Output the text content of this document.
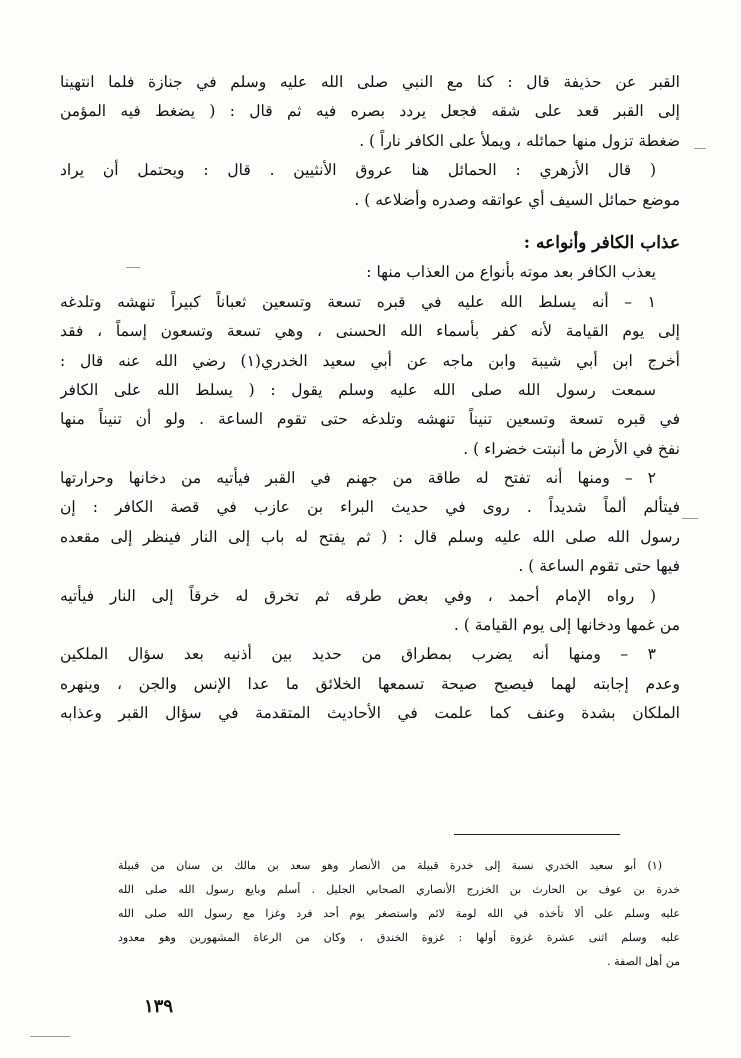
القبر عن حذيفة قال : كنا مع النبي صلى الله عليه وسلم في جنازة فلما انتهينا
إلى القبر قعد على شقه فجعل يردد بصره فيه ثم قال : ( يضغط فيه المؤمن
ضغطة تزول منها حمائله ، ويملأ على الكافر ناراً ) .
( قال الأزهري : الحمائل هنا عروق الأنثيين . قال : ويحتمل أن يراد
موضع حمائل السيف أي عواتقه وصدره وأضلاعه ) .
عذاب الكافر وأنواعه :
يعذب الكافر بعد موته بأنواع من العذاب منها :
١ – أنه يسلط الله عليه في قبره تسعة وتسعين ثعباناً كبيراً تنهشه وتلدغه
إلى يوم القيامة لأنه كفر بأسماء الله الحسنى ، وهي تسعة وتسعون إسماً ، فقد
أخرج ابن أبي شيبة وابن ماجه عن أبي سعيد الخدري(١) رضي الله عنه قال :
سمعت رسول الله صلى الله عليه وسلم يقول : ( يسلط الله على الكافر
في قبره تسعة وتسعين تنيناً تنهشه وتلدغه حتى تقوم الساعة . ولو أن تنيناً منها
نفخ في الأرض ما أنبتت خضراء ) .
٢ – ومنها أنه تفتح له طاقة من جهنم في القبر فيأتيه من دخانها وحرارتها
فيتألم ألماً شديداً . روى في حديث البراء بن عازب في قصة الكافر : إن
رسول الله صلى الله عليه وسلم قال : ( ثم يفتح له باب إلى النار فينظر إلى مقعده
فيها حتى تقوم الساعة ) .
( رواه الإمام أحمد ، وفي بعض طرقه ثم تخرق له خرقاً إلى النار فيأتيه
من غمها ودخانها إلى يوم القيامة ) .
٣ – ومنها أنه يضرب بمطراق من حديد بين أذنيه بعد سؤال الملكين
وعدم إجابته لهما فيصيح صيحة تسمعها الخلائق ما عدا الإنس والجن ، وينهره
الملكان بشدة وعنف كما علمت في الأحاديث المتقدمة في سؤال القبر وعذابه
(١) أبو سعيد الخدري نسبة إلى خدرة قبيلة من الأنصار وهو سعد بن مالك بن سنان من قبيلة
خدرة بن عوف بن الحارث بن الخزرج الأنصاري الصحابي الجليل . أسلم وبايع رسول الله صلى الله
عليه وسلم على ألا تأخذه في الله لومة لائم واستصغر يوم أحد فرد وغزا مع رسول الله صلى الله
عليه وسلم اثنى عشرة غزوة أولها : غزوة الخندق ، وكان من الرعاة المشهورين وهو معدود
من أهل الصفة .
١٣٩
